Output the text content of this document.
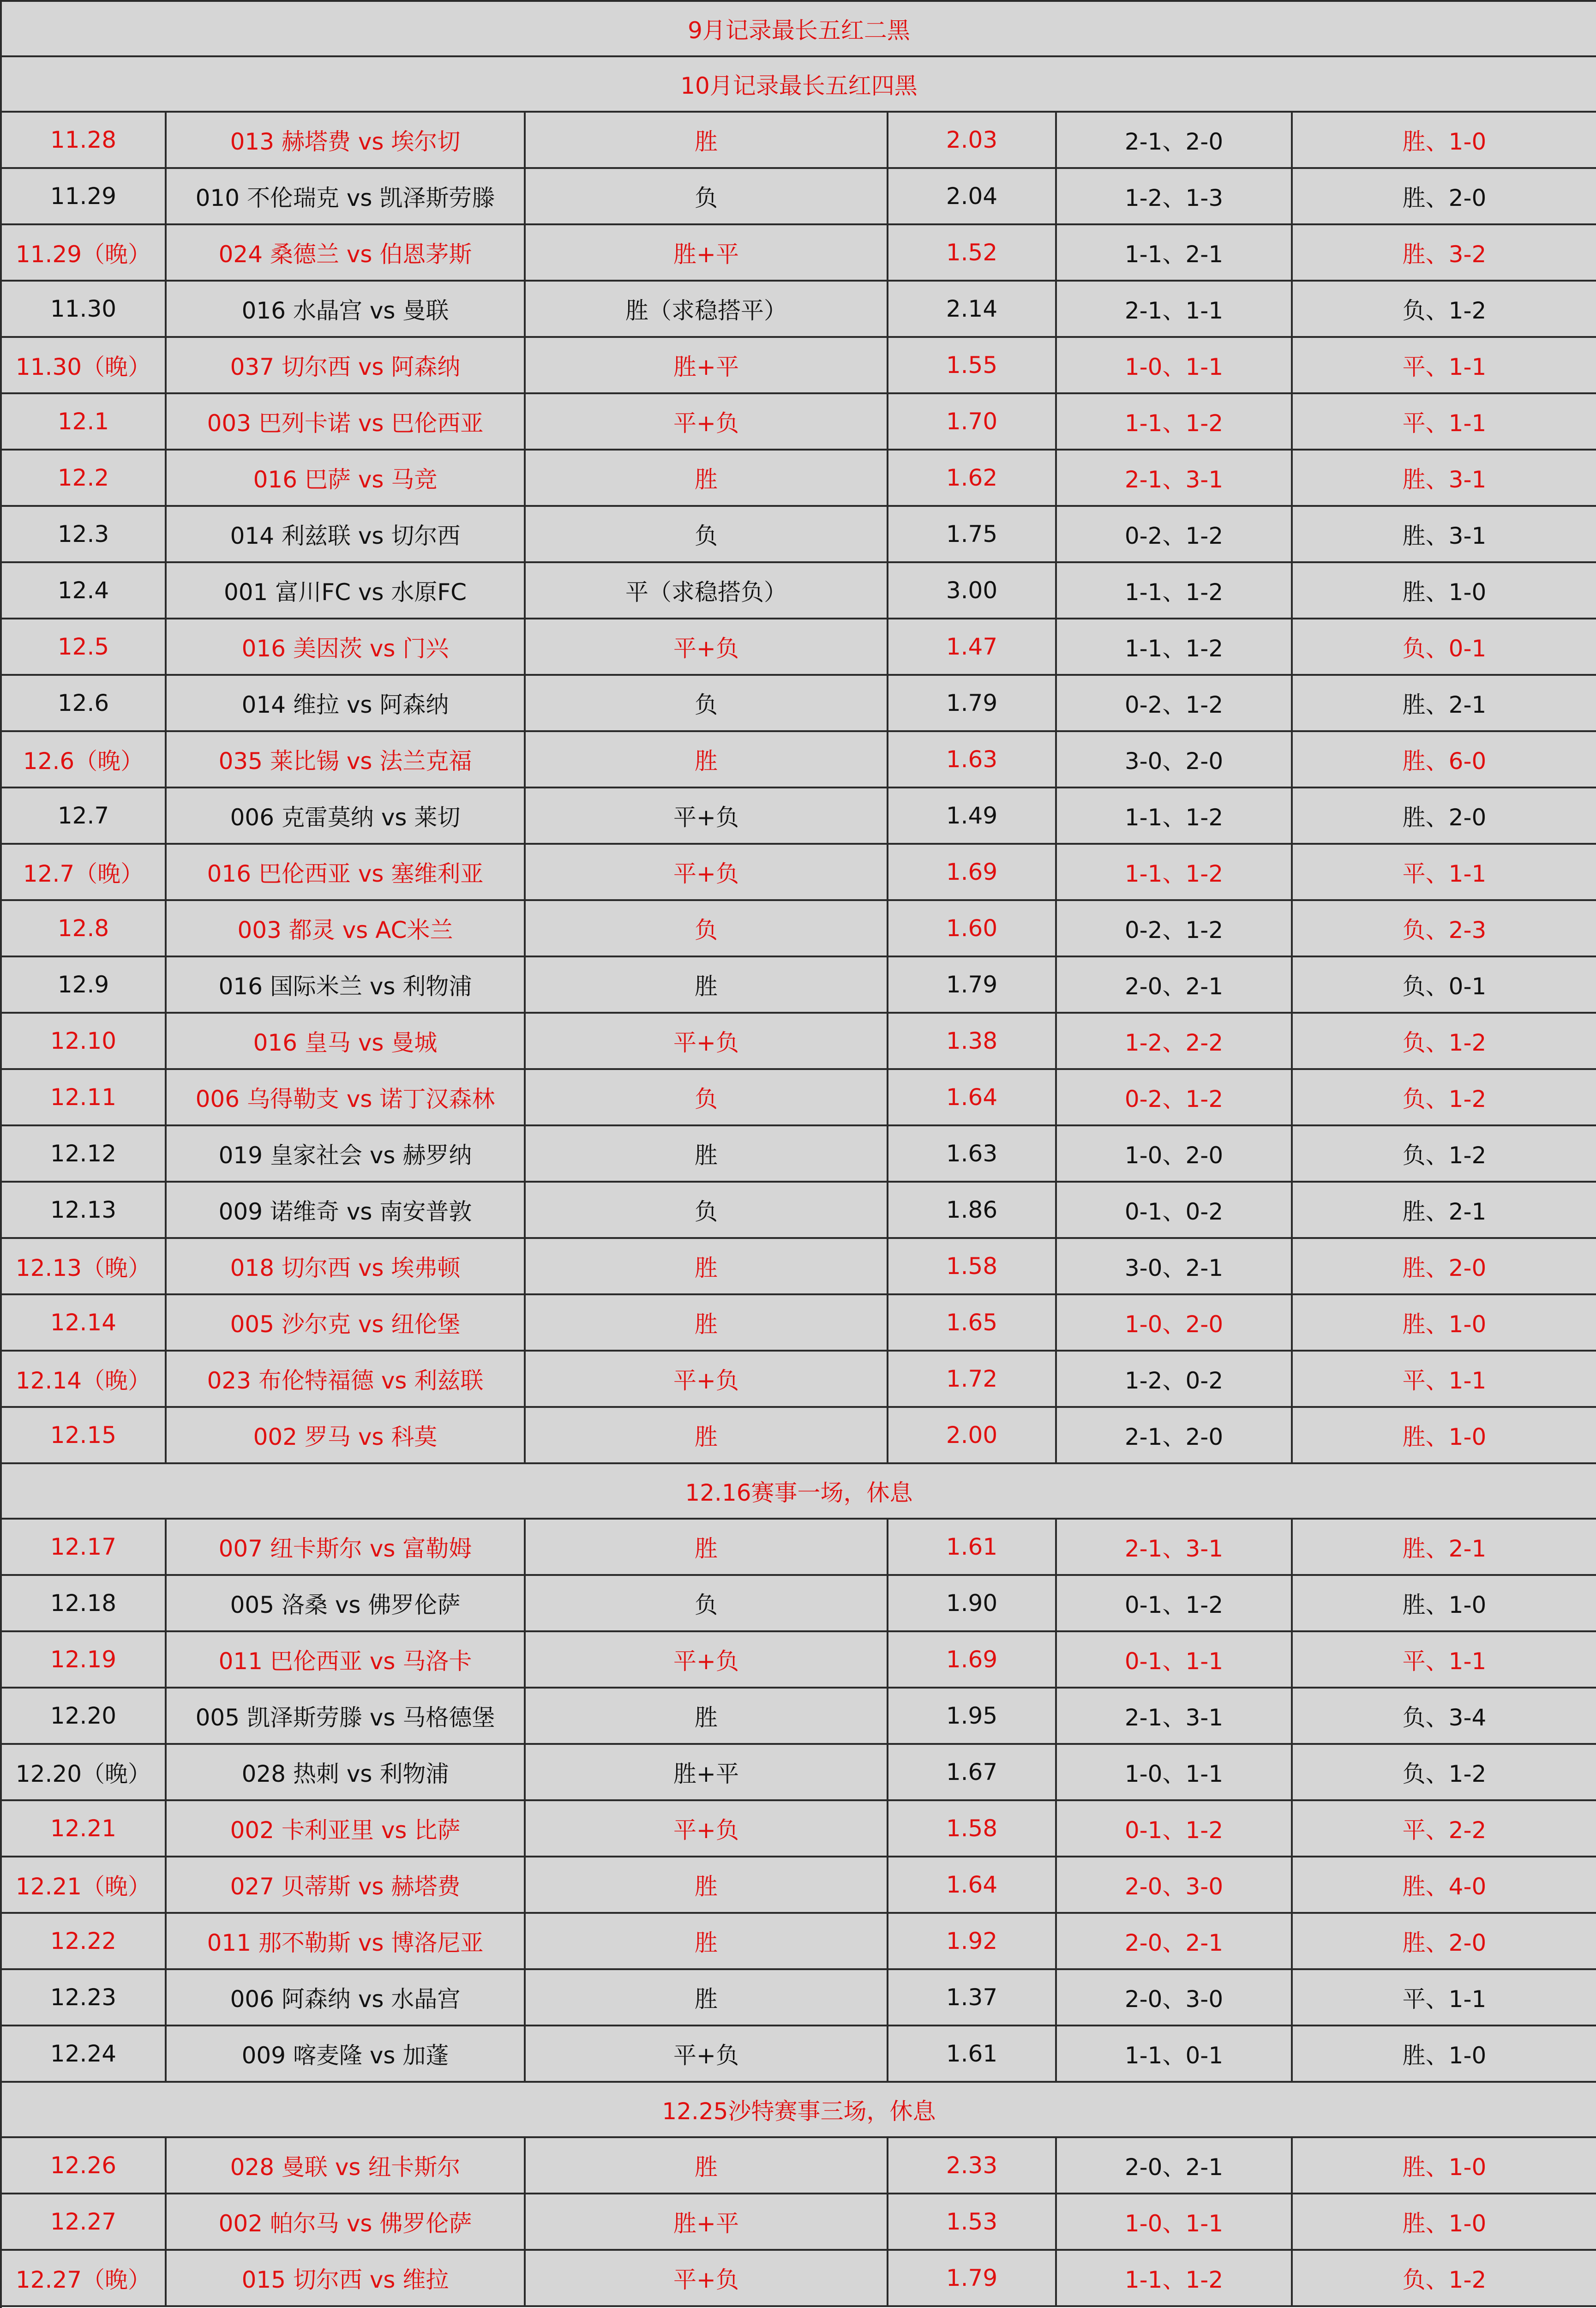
9月记录最长五红二黑					
10月记录最长五红四黑					
11.28	013 赫塔费 vs 埃尔切	胜	2.03	2-1、2-0	胜、1-0
11.29	010 不伦瑞克 vs 凯泽斯劳滕	负	2.04	1-2、1-3	胜、2-0
11.29（晚）	024 桑德兰 vs 伯恩茅斯	胜+平	1.52	1-1、2-1	胜、3-2
11.30	016 水晶宫 vs 曼联	胜（求稳搭平）	2.14	2-1、1-1	负、1-2
11.30（晚）	037 切尔西 vs 阿森纳	胜+平	1.55	1-0、1-1	平、1-1
12.1	003 巴列卡诺 vs 巴伦西亚	平+负	1.70	1-1、1-2	平、1-1
12.2	016 巴萨 vs 马竞	胜	1.62	2-1、3-1	胜、3-1
12.3	014 利兹联 vs 切尔西	负	1.75	0-2、1-2	胜、3-1
12.4	001 富川FC vs 水原FC	平（求稳搭负）	3.00	1-1、1-2	胜、1-0
12.5	016 美因茨 vs 门兴	平+负	1.47	1-1、1-2	负、0-1
12.6	014 维拉 vs 阿森纳	负	1.79	0-2、1-2	胜、2-1
12.6（晚）	035 莱比锡 vs 法兰克福	胜	1.63	3-0、2-0	胜、6-0
12.7	006 克雷莫纳 vs 莱切	平+负	1.49	1-1、1-2	胜、2-0
12.7（晚）	016 巴伦西亚 vs 塞维利亚	平+负	1.69	1-1、1-2	平、1-1
12.8	003 都灵 vs AC米兰	负	1.60	0-2、1-2	负、2-3
12.9	016 国际米兰 vs 利物浦	胜	1.79	2-0、2-1	负、0-1
12.10	016 皇马 vs 曼城	平+负	1.38	1-2、2-2	负、1-2
12.11	006 乌得勒支 vs 诺丁汉森林	负	1.64	0-2、1-2	负、1-2
12.12	019 皇家社会 vs 赫罗纳	胜	1.63	1-0、2-0	负、1-2
12.13	009 诺维奇 vs 南安普敦	负	1.86	0-1、0-2	胜、2-1
12.13（晚）	018 切尔西 vs 埃弗顿	胜	1.58	3-0、2-1	胜、2-0
12.14	005 沙尔克 vs 纽伦堡	胜	1.65	1-0、2-0	胜、1-0
12.14（晚）	023 布伦特福德 vs 利兹联	平+负	1.72	1-2、0-2	平、1-1
12.15	002 罗马 vs 科莫	胜	2.00	2-1、2-0	胜、1-0
12.16赛事一场，休息					
12.17	007 纽卡斯尔 vs 富勒姆	胜	1.61	2-1、3-1	胜、2-1
12.18	005 洛桑 vs 佛罗伦萨	负	1.90	0-1、1-2	胜、1-0
12.19	011 巴伦西亚 vs 马洛卡	平+负	1.69	0-1、1-1	平、1-1
12.20	005 凯泽斯劳滕 vs 马格德堡	胜	1.95	2-1、3-1	负、3-4
12.20（晚）	028 热刺 vs 利物浦	胜+平	1.67	1-0、1-1	负、1-2
12.21	002 卡利亚里 vs 比萨	平+负	1.58	0-1、1-2	平、2-2
12.21（晚）	027 贝蒂斯 vs 赫塔费	胜	1.64	2-0、3-0	胜、4-0
12.22	011 那不勒斯 vs 博洛尼亚	胜	1.92	2-0、2-1	胜、2-0
12.23	006 阿森纳 vs 水晶宫	胜	1.37	2-0、3-0	平、1-1
12.24	009 喀麦隆 vs 加蓬	平+负	1.61	1-1、0-1	胜、1-0
12.25沙特赛事三场，休息					
12.26	028 曼联 vs 纽卡斯尔	胜	2.33	2-0、2-1	胜、1-0
12.27	002 帕尔马 vs 佛罗伦萨	胜+平	1.53	1-0、1-1	胜、1-0
12.27（晚）	015 切尔西 vs 维拉	平+负	1.79	1-1、1-2	负、1-2
